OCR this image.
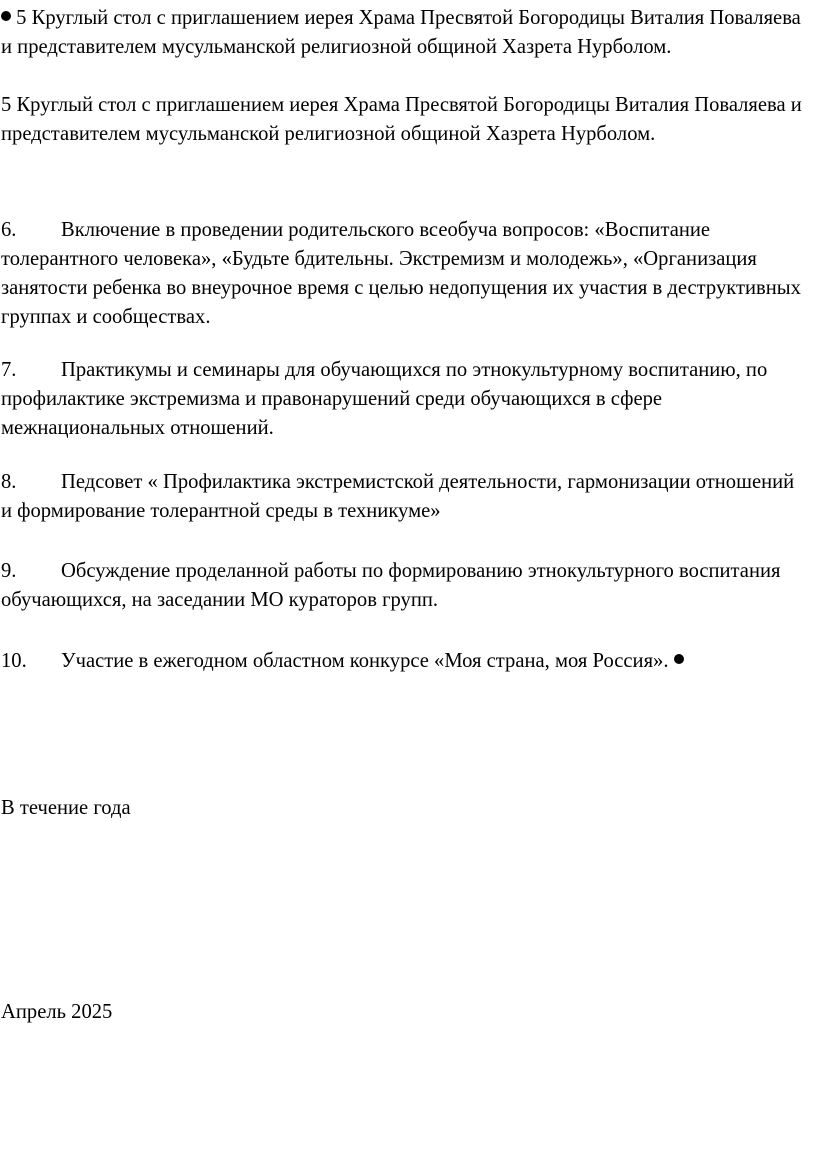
5 Круглый стол с приглашением иерея Храма Пресвятой Богородицы Виталия Поваляева и представителем мусульманской религиозной общиной Хазрета Нурболом.

5 Круглый стол с приглашением иерея Храма Пресвятой Богородицы Виталия Поваляева и представителем мусульманской религиозной общиной Хазрета Нурболом.

6. Включение в проведении родительского всеобуча вопросов: «Воспитание толерантного человека», «Будьте бдительны. Экстремизм и молодежь», «Организация занятости ребенка во внеурочное время с целью недопущения их участия в деструктивных группах и сообществах.

7. Практикумы и семинары для обучающихся по этнокультурному воспитанию, по профилактике экстремизма и правонарушений среди обучающихся в сфере межнациональных отношений.

8. Педсовет « Профилактика экстремистской деятельности, гармонизации отношений и формирование толерантной среды в техникуме»

9. Обсуждение проделанной работы по формированию этнокультурного воспитания обучающихся, на заседании МО кураторов групп.

10. Участие в ежегодном областном конкурсе «Моя страна, моя Россия».

В течение года

Апрель 2025
